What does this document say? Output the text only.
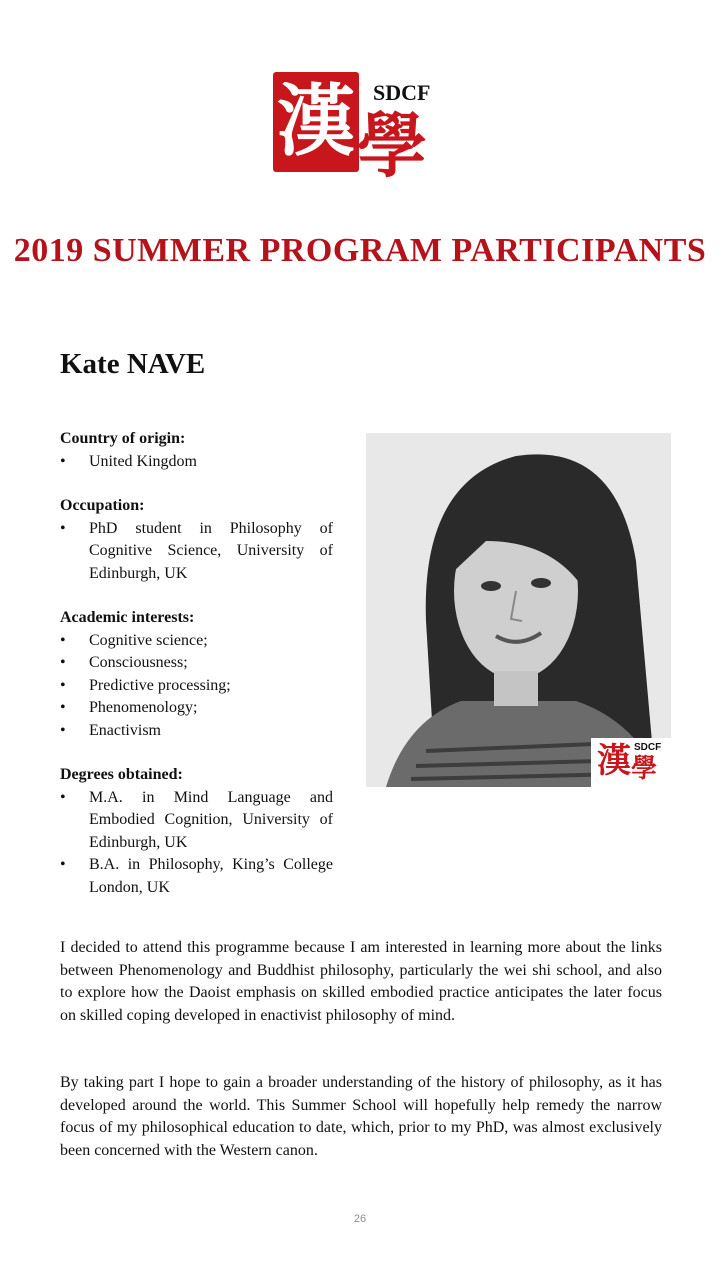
漢 SDCF
學
2019 SUMMER PROGRAM PARTICIPANTS
Kate NAVE
Country of origin:
• United Kingdom
Occupation:
• PhD student in Philosophy of Cognitive Science, University of Edinburgh, UK
Academic interests:
• Cognitive science;
• Consciousness;
• Predictive processing;
• Phenomenology;
• Enactivism
Degrees obtained:
• M.A. in Mind Language and Embodied Cognition, University of Edinburgh, UK
• B.A. in Philosophy, King’s College London, UK
漢 SDCF
學
I decided to attend this programme because I am interested in learning more about the links between Phenomenology and Buddhist philosophy, particularly the wei shi school, and also to explore how the Daoist emphasis on skilled embodied practice anticipates the later focus on skilled coping developed in enactivist philosophy of mind.
By taking part I hope to gain a broader understanding of the history of philosophy, as it has developed around the world. This Summer School will hopefully help remedy the narrow focus of my philosophical education to date, which, prior to my PhD, was almost exclusively been concerned with the Western canon.
26
